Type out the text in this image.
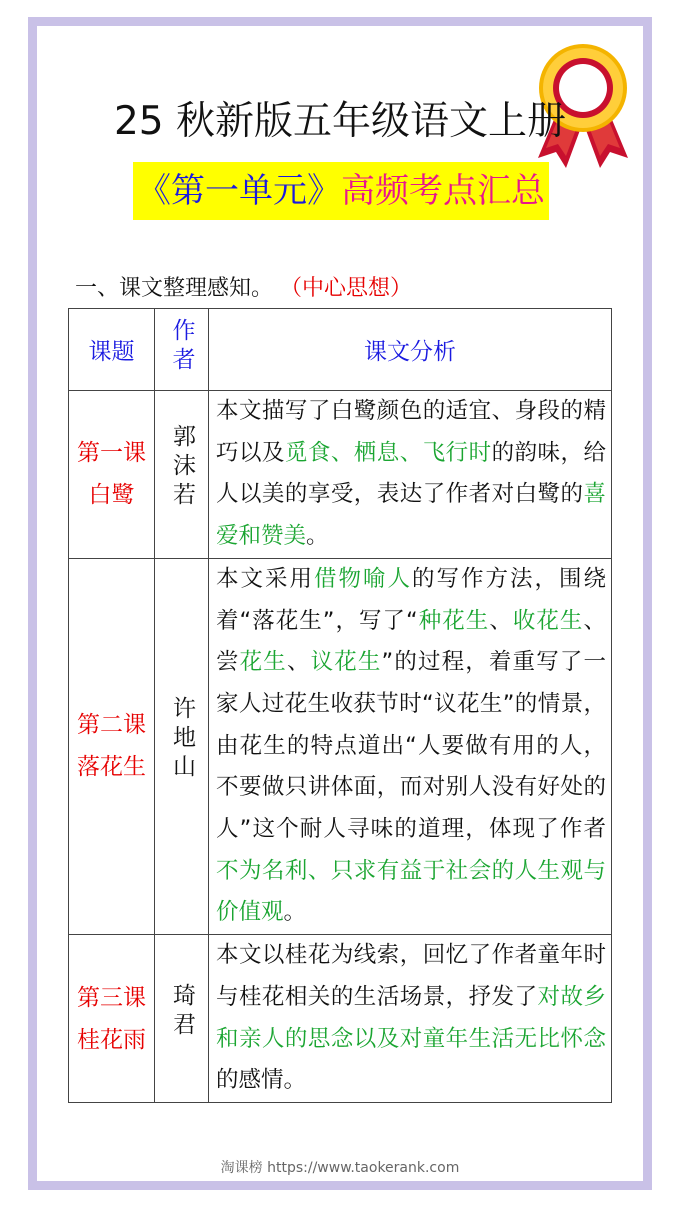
25 秋新版五年级语文上册
《第一单元》高频考点汇总
一、课文整理感知。 （中心思想）
课题	作者	课文分析

第一课
白鹭	郭沫若	本文描写了白鹭颜色的适宜、身段的精巧以及觅食、栖息、飞行时的韵味，给人以美的享受，表达了作者对白鹭的喜爱和赞美。

第二课
落花生	许地山	本文采用借物喻人的写作方法，围绕着“落花生”，写了“种花生、收花生、尝花生、议花生”的过程，着重写了一家人过花生收获节时“议花生”的情景，由花生的特点道出“人要做有用的人，不要做只讲体面，而对别人没有好处的人”这个耐人寻味的道理，体现了作者不为名利、只求有益于社会的人生观与价值观。

第三课
桂花雨	琦君	本文以桂花为线索，回忆了作者童年时与桂花相关的生活场景，抒发了对故乡和亲人的思念以及对童年生活无比怀念的感情。
淘课榜 https://www.taokerank.com
